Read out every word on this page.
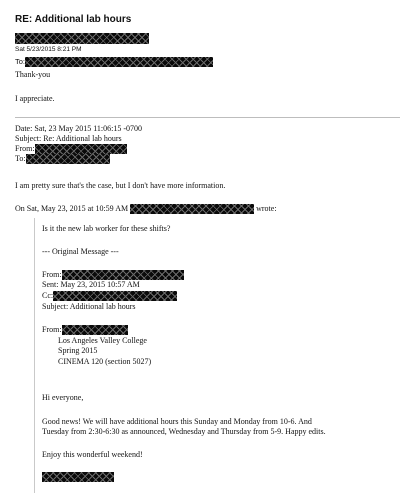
RE: Additional lab hours
Sat 5/23/2015 8:21 PM
To:
Thank-you
I appreciate.
Date: Sat, 23 May 2015 11:06:15 -0700
Subject: Re: Additional lab hours
From:
To:
I am pretty sure that's the case, but I don't have more information.
On Sat, May 23, 2015 at 10:59 AM	wrote:
Is it the new lab worker for these shifts?
--- Original Message ---
From:
Sent: May 23, 2015 10:57 AM
Cc:
Subject: Additional lab hours
From:
Los Angeles Valley College
Spring 2015
CINEMA 120 (section 5027)
Hi everyone,
Good news! We will have additional hours this Sunday and Monday from 10-6. And
Tuesday from 2:30-6:30 as announced, Wednesday and Thursday from 5-9. Happy edits.
Enjoy this wonderful weekend!
